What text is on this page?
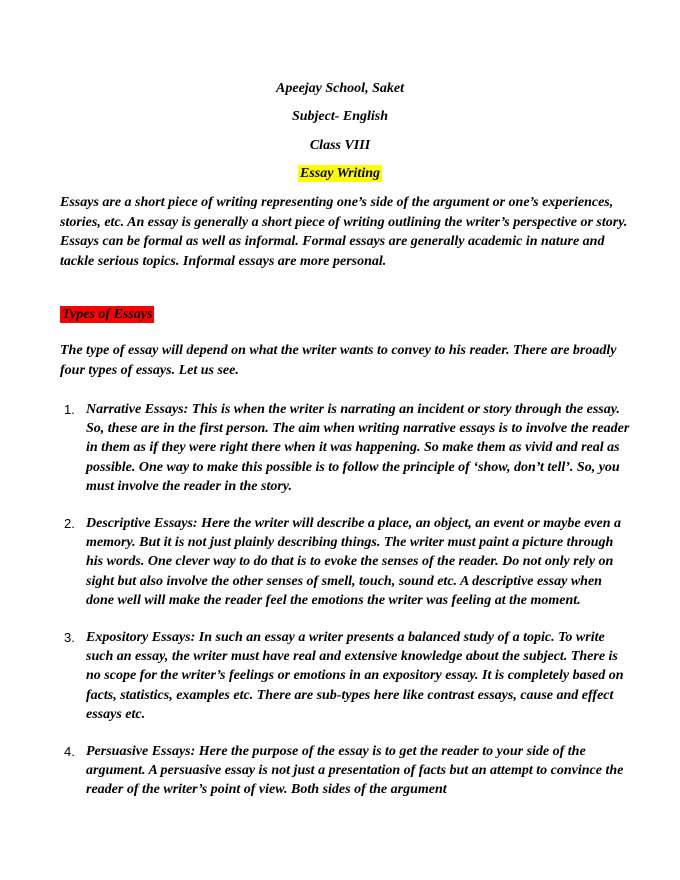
Apeejay School, Saket
Subject- English
Class VIII
Essay Writing
Essays are a short piece of writing representing one’s side of the argument or one’s experiences, stories, etc. An essay is generally a short piece of writing outlining the writer’s perspective or story. Essays can be formal as well as informal. Formal essays are generally academic in nature and tackle serious topics. Informal essays are more personal.
Types of Essays
The type of essay will depend on what the writer wants to convey to his reader. There are broadly four types of essays. Let us see.
1. Narrative Essays: This is when the writer is narrating an incident or story through the essay. So, these are in the first person. The aim when writing narrative essays is to involve the reader in them as if they were right there when it was happening. So make them as vivid and real as possible. One way to make this possible is to follow the principle of ‘show, don’t tell’. So, you must involve the reader in the story.
2. Descriptive Essays: Here the writer will describe a place, an object, an event or maybe even a memory. But it is not just plainly describing things. The writer must paint a picture through his words. One clever way to do that is to evoke the senses of the reader. Do not only rely on sight but also involve the other senses of smell, touch, sound etc. A descriptive essay when done well will make the reader feel the emotions the writer was feeling at the moment.
3. Expository Essays: In such an essay a writer presents a balanced study of a topic. To write such an essay, the writer must have real and extensive knowledge about the subject. There is no scope for the writer’s feelings or emotions in an expository essay. It is completely based on facts, statistics, examples etc. There are sub-types here like contrast essays, cause and effect essays etc.
4. Persuasive Essays: Here the purpose of the essay is to get the reader to your side of the argument. A persuasive essay is not just a presentation of facts but an attempt to convince the reader of the writer’s point of view. Both sides of the argument
